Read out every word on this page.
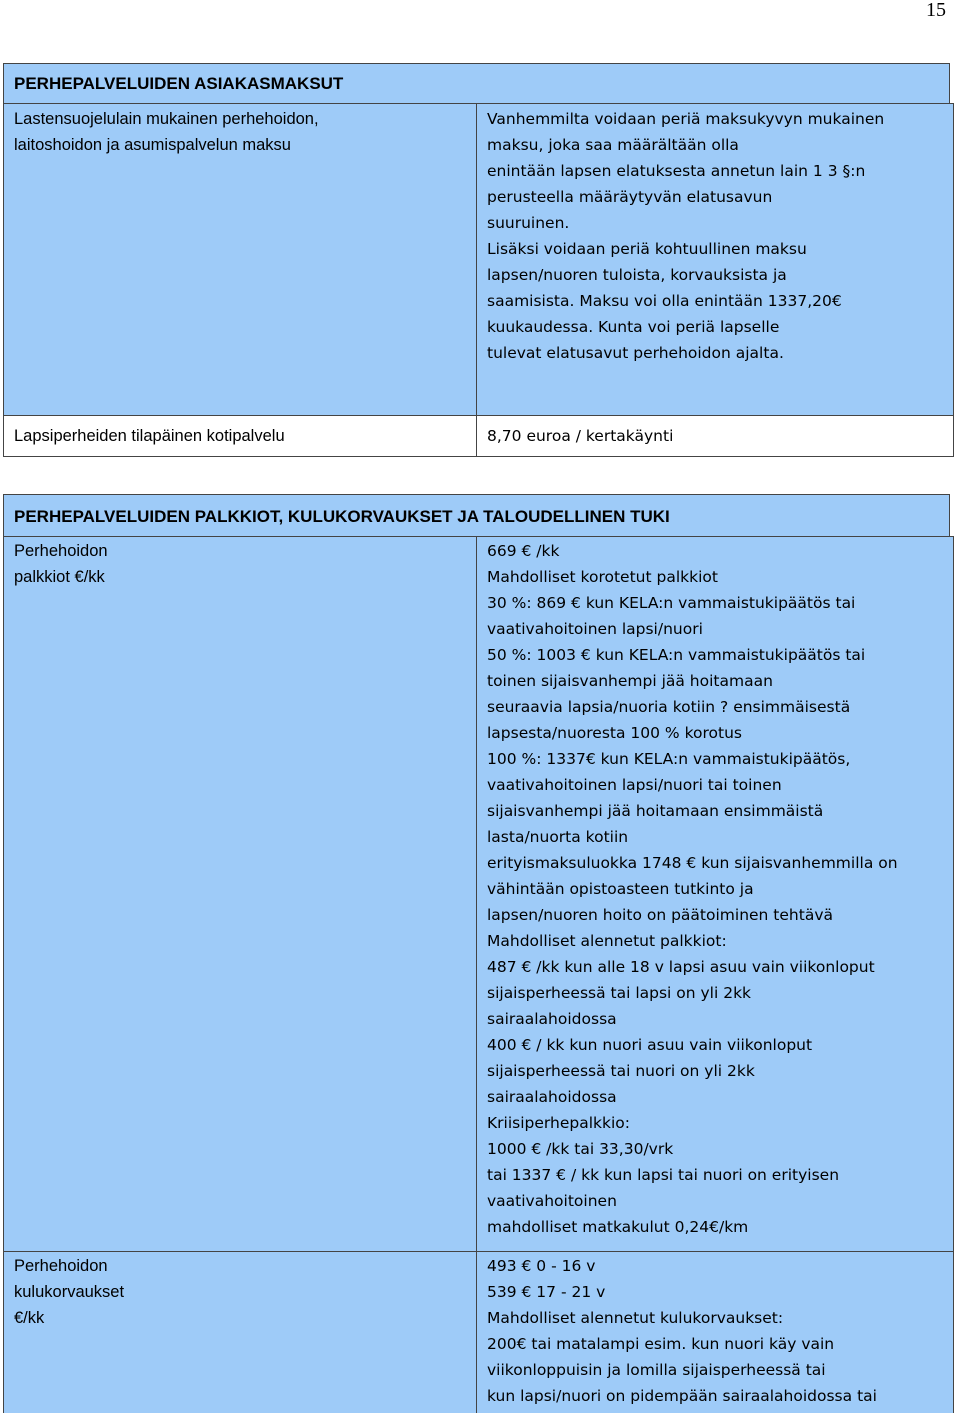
15
PERHEPALVELUIDEN ASIAKASMAKSUT
Lastensuojelulain mukainen perhehoidon,
laitoshoidon ja asumispalvelun maksu
Vanhemmilta voidaan periä maksukyvyn mukainen
maksu, joka saa määrältään olla
enintään lapsen elatuksesta annetun lain 1 3 §:n
perusteella määräytyvän elatusavun
suuruinen.
Lisäksi voidaan periä kohtuullinen maksu
lapsen/nuoren tuloista, korvauksista ja
saamisista. Maksu voi olla enintään 1337,20€
kuukaudessa. Kunta voi periä lapselle
tulevat elatusavut perhehoidon ajalta.
Lapsiperheiden tilapäinen kotipalvelu	8,70 euroa / kertakäynti
PERHEPALVELUIDEN PALKKIOT, KULUKORVAUKSET JA TALOUDELLINEN TUKI
Perhehoidon
palkkiot €/kk
669 € /kk
Mahdolliset korotetut palkkiot
30 %: 869 € kun KELA:n vammaistukipäätös tai
vaativahoitoinen lapsi/nuori
50 %: 1003 € kun KELA:n vammaistukipäätös tai
toinen sijaisvanhempi jää hoitamaan
seuraavia lapsia/nuoria kotiin ? ensimmäisestä
lapsesta/nuoresta 100 % korotus
100 %: 1337€ kun KELA:n vammaistukipäätös,
vaativahoitoinen lapsi/nuori tai toinen
sijaisvanhempi jää hoitamaan ensimmäistä
lasta/nuorta kotiin
erityismaksuluokka 1748 € kun sijaisvanhemmilla on
vähintään opistoasteen tutkinto ja
lapsen/nuoren hoito on päätoiminen tehtävä
Mahdolliset alennetut palkkiot:
487 € /kk kun alle 18 v lapsi asuu vain viikonloput
sijaisperheessä tai lapsi on yli 2kk
sairaalahoidossa
400 € / kk kun nuori asuu vain viikonloput
sijaisperheessä tai nuori on yli 2kk
sairaalahoidossa
Kriisiperhepalkkio:
1000 € /kk tai 33,30/vrk
tai 1337 € / kk kun lapsi tai nuori on erityisen
vaativahoitoinen
mahdolliset matkakulut 0,24€/km
Perhehoidon
kulukorvaukset
€/kk
493 € 0 - 16 v
539 € 17 - 21 v
Mahdolliset alennetut kulukorvaukset:
200€ tai matalampi esim. kun nuori käy vain
viikonloppuisin ja lomilla sijaisperheessä tai
kun lapsi/nuori on pidempään sairaalahoidossa tai
